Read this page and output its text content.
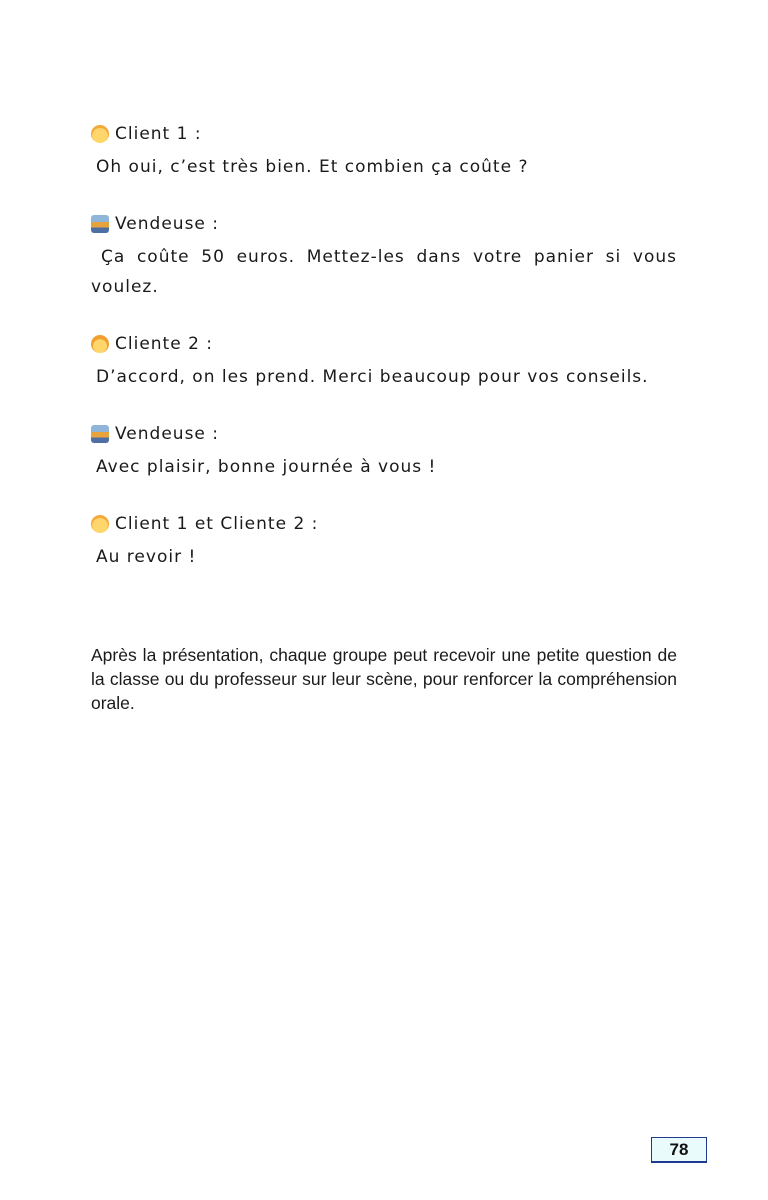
Client 1 :
Oh oui, c’est très bien. Et combien ça coûte ?
Vendeuse :
Ça coûte 50 euros. Mettez-les dans votre panier si vous voulez.
Cliente 2 :
D’accord, on les prend. Merci beaucoup pour vos conseils.
Vendeuse :
Avec plaisir, bonne journée à vous !
Client 1 et Cliente 2 :
Au revoir !

Après la présentation, chaque groupe peut recevoir une petite question de la classe ou du professeur sur leur scène, pour renforcer la compréhension orale.

78
